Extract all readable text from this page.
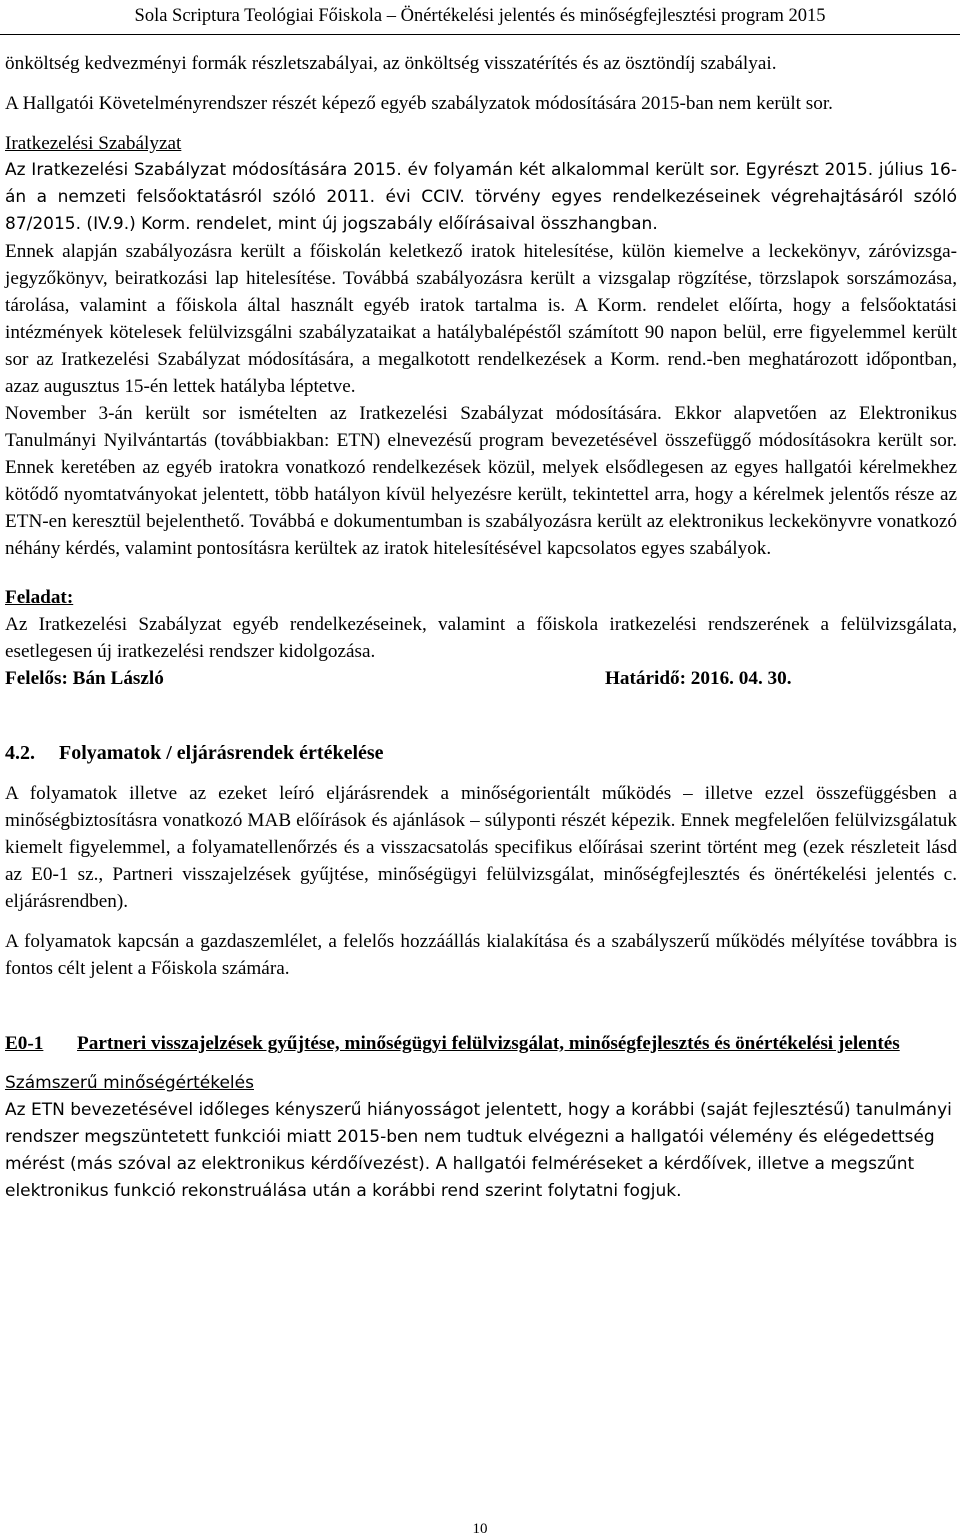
Sola Scriptura Teológiai Főiskola – Önértékelési jelentés és minőségfejlesztési program 2015

önköltség kedvezményi formák részletszabályai, az önköltség visszatérítés és az ösztöndíj szabályai.

A Hallgatói Követelményrendszer részét képező egyéb szabályzatok módosítására 2015-ban nem került sor.

Iratkezelési Szabályzat

Az Iratkezelési Szabályzat módosítására 2015. év folyamán két alkalommal került sor. Egyrészt 2015. július 16-án a nemzeti felsőoktatásról szóló 2011. évi CCIV. törvény egyes rendelkezéseinek végrehajtásáról szóló 87/2015. (IV.9.) Korm. rendelet, mint új jogszabály előírásaival összhangban.

Ennek alapján szabályozásra került a főiskolán keletkező iratok hitelesítése, külön kiemelve a leckekönyv, záróvizsga-jegyzőkönyv, beiratkozási lap hitelesítése. Továbbá szabályozásra került a vizsgalap rögzítése, törzslapok sorszámozása, tárolása, valamint a főiskola által használt egyéb iratok tartalma is. A Korm. rendelet előírta, hogy a felsőoktatási intézmények kötelesek felülvizsgálni szabályzataikat a hatálybalépéstől számított 90 napon belül, erre figyelemmel került sor az Iratkezelési Szabályzat módosítására, a megalkotott rendelkezések a Korm. rend.-ben meghatározott időpontban, azaz augusztus 15-én lettek hatályba léptetve.

November 3-án került sor ismételten az Iratkezelési Szabályzat módosítására. Ekkor alapvetően az Elektronikus Tanulmányi Nyilvántartás (továbbiakban: ETN) elnevezésű program bevezetésével összefüggő módosításokra került sor. Ennek keretében az egyéb iratokra vonatkozó rendelkezések közül, melyek elsődlegesen az egyes hallgatói kérelmekhez kötődő nyomtatványokat jelentett, több hatályon kívül helyezésre került, tekintettel arra, hogy a kérelmek jelentős része az ETN-en keresztül bejelenthető. Továbbá e dokumentumban is szabályozásra került az elektronikus leckekönyvre vonatkozó néhány kérdés, valamint pontosításra kerültek az iratok hitelesítésével kapcsolatos egyes szabályok.

Feladat:

Az Iratkezelési Szabályzat egyéb rendelkezéseinek, valamint a főiskola iratkezelési rendszerének a felülvizsgálata, esetlegesen új iratkezelési rendszer kidolgozása.

Felelős: Bán László	Határidő: 2016. 04. 30.
4.2.	Folyamatok / eljárásrendek értékelése

A folyamatok illetve az ezeket leíró eljárásrendek a minőségorientált működés – illetve ezzel összefüggésben a minőségbiztosításra vonatkozó MAB előírások és ajánlások – súlyponti részét képezik. Ennek megfelelően felülvizsgálatuk kiemelt figyelemmel, a folyamatellenőrzés és a visszacsatolás specifikus előírásai szerint történt meg (ezek részleteit lásd az E0-1 sz., Partneri visszajelzések gyűjtése, minőségügyi felülvizsgálat, minőségfejlesztés és önértékelési jelentés c. eljárásrendben).

A folyamatok kapcsán a gazdaszemlélet, a felelős hozzáállás kialakítása és a szabályszerű működés mélyítése továbbra is fontos célt jelent a Főiskola számára.

E0-1	Partneri visszajelzések gyűjtése, minőségügyi felülvizsgálat, minőségfejlesztés és önértékelési jelentés

Számszerű minőségértékelés

Az ETN bevezetésével időleges kényszerű hiányosságot jelentett, hogy a korábbi (saját fejlesztésű) tanulmányi rendszer megszüntetett funkciói miatt 2015-ben nem tudtuk elvégezni a hallgatói vélemény és elégedettség mérést (más szóval az elektronikus kérdőívezést). A hallgatói felméréseket a kérdőívek, illetve a megszűnt elektronikus funkció rekonstruálása után a korábbi rend szerint folytatni fogjuk.

10
